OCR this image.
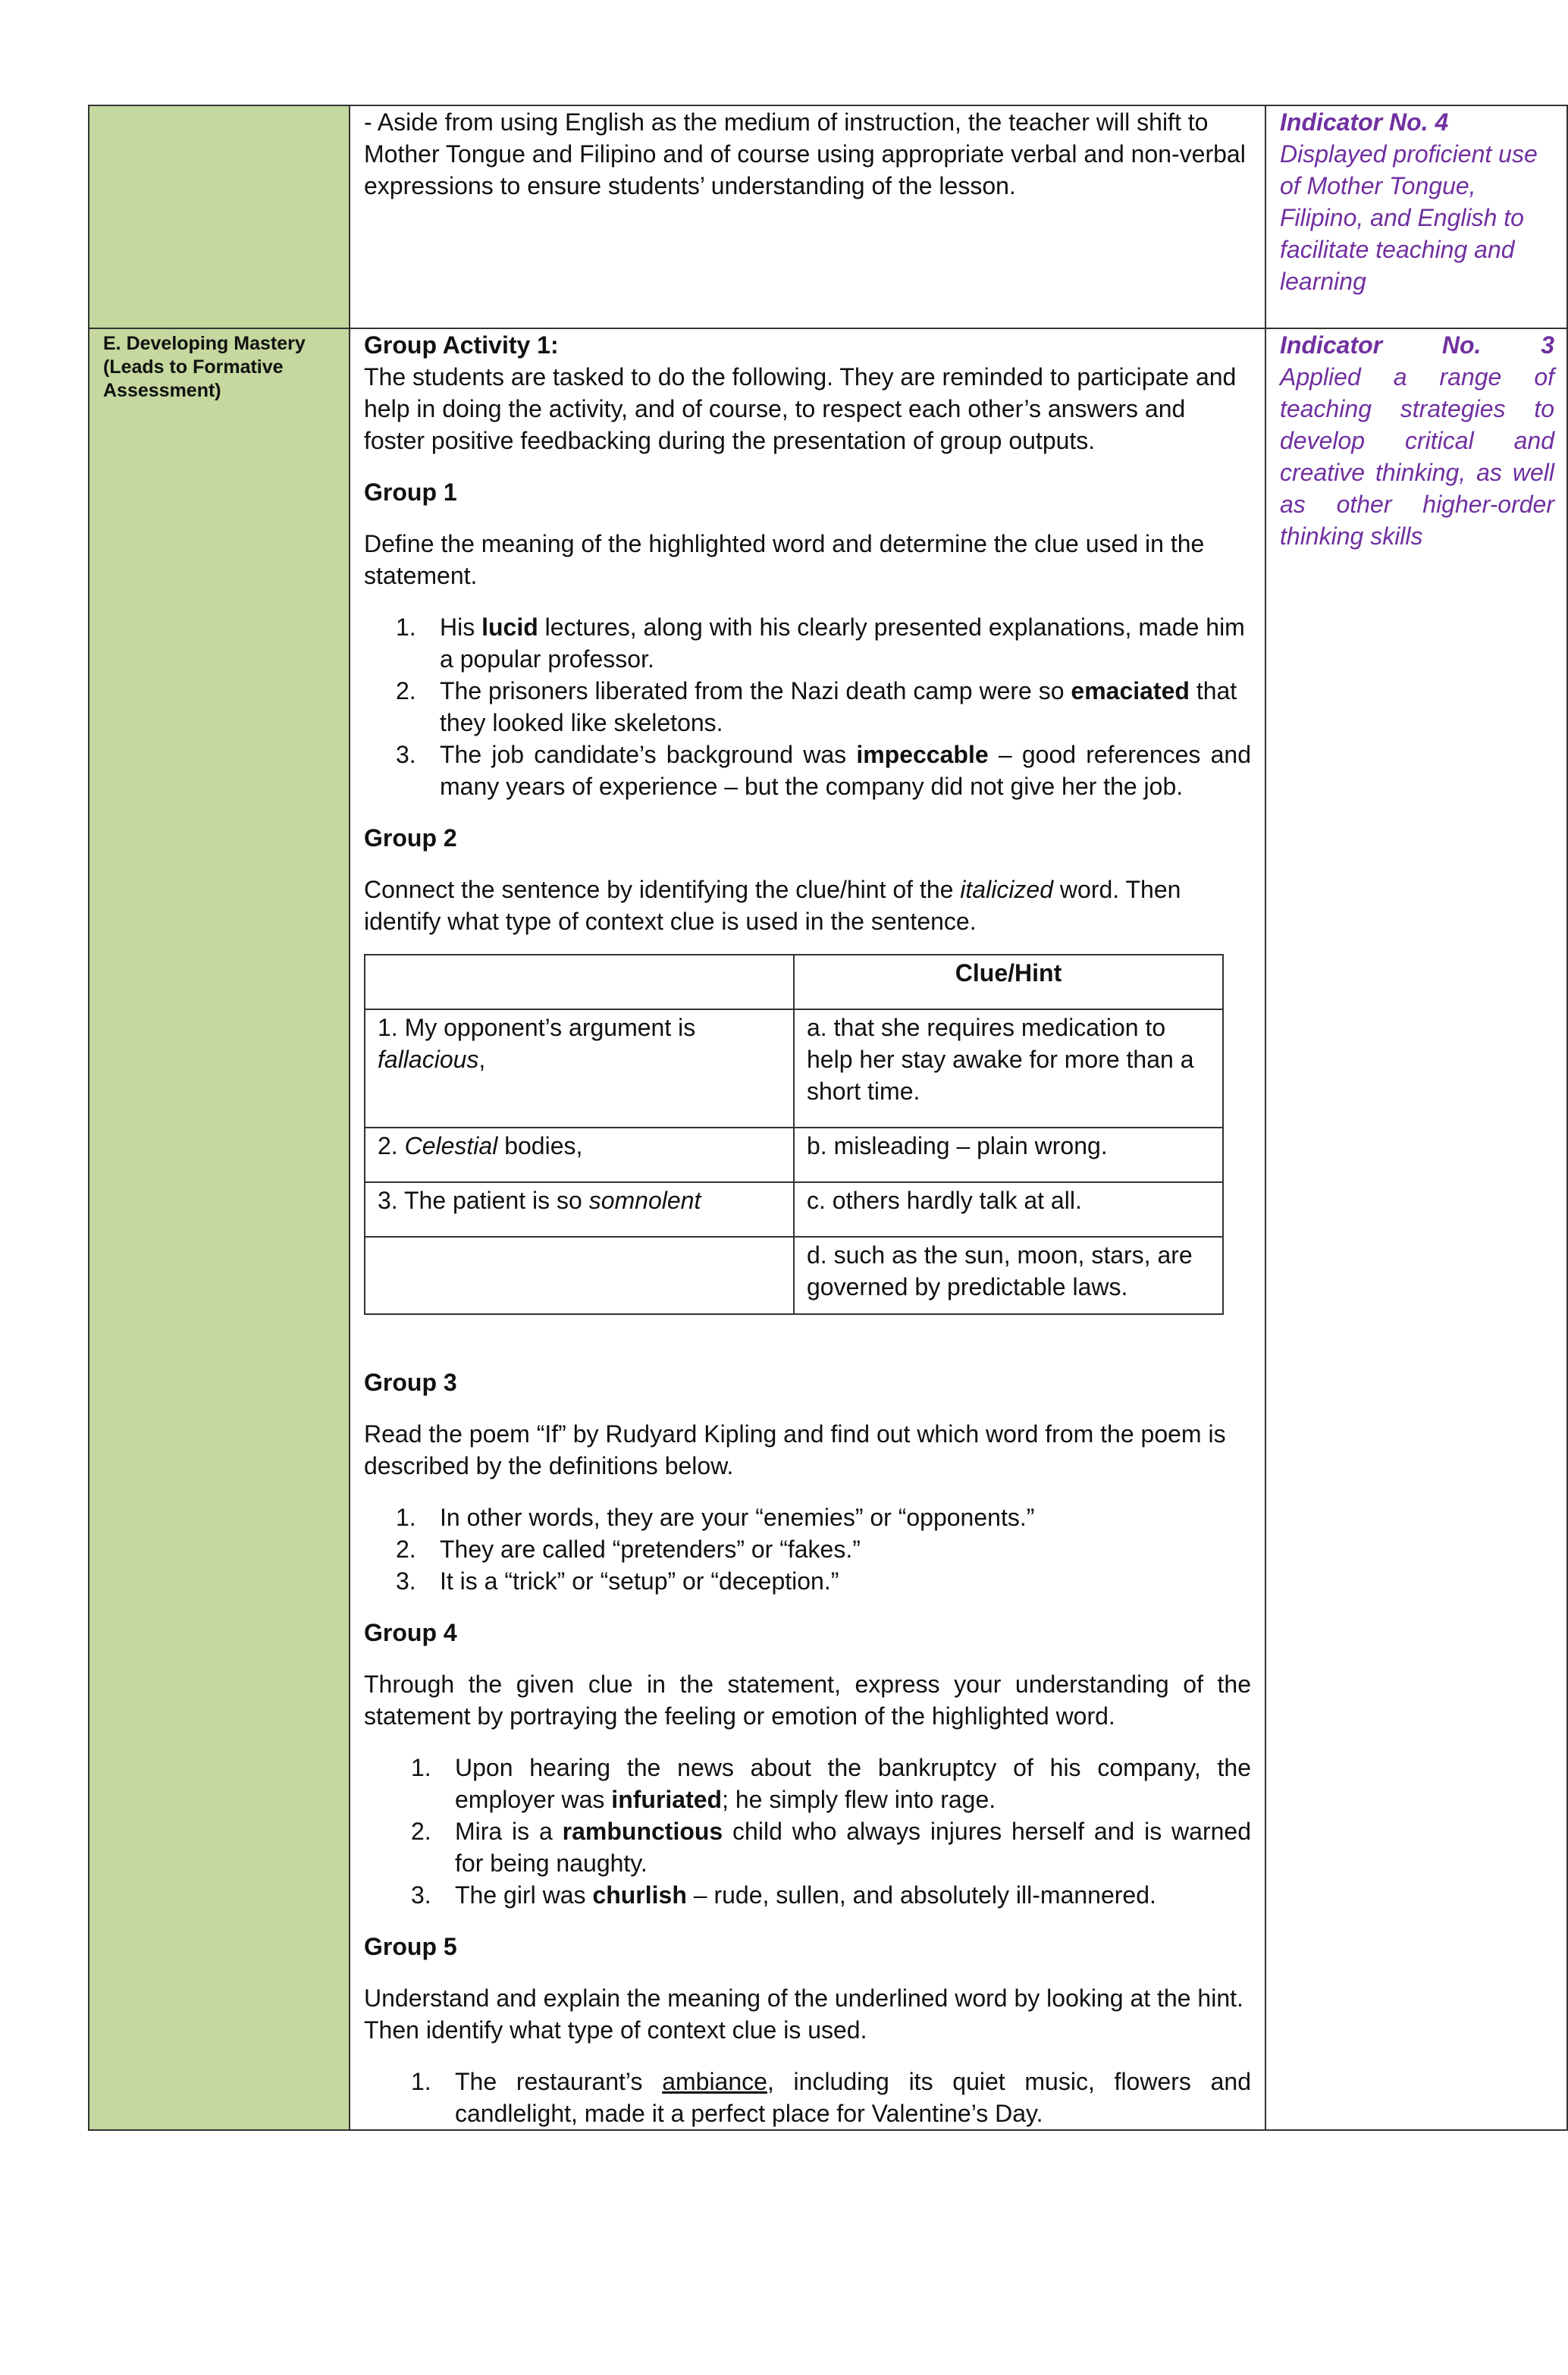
- Aside from using English as the medium of instruction, the teacher will shift to Mother Tongue and Filipino and of course using appropriate verbal and non-verbal expressions to ensure students’ understanding of the lesson.

Indicator No. 4
Displayed proficient use of Mother Tongue, Filipino, and English to facilitate teaching and learning

E. Developing Mastery (Leads to Formative Assessment)

Group Activity 1:

The students are tasked to do the following. They are reminded to participate and help in doing the activity, and of course, to respect each other’s answers and foster positive feedbacking during the presentation of group outputs.

Group 1

Define the meaning of the highlighted word and determine the clue used in the statement.

1. His lucid lectures, along with his clearly presented explanations, made him a popular professor.
2. The prisoners liberated from the Nazi death camp were so emaciated that they looked like skeletons.
3. The job candidate’s background was impeccable – good references and many years of experience – but the company did not give her the job.
Group 2

Connect the sentence by identifying the clue/hint of the italicized word. Then identify what type of context clue is used in the sentence.

	Clue/Hint
1. My opponent’s argument is fallacious,	a. that she requires medication to help her stay awake for more than a short time.
2. Celestial bodies,	b. misleading – plain wrong.
3. The patient is so somnolent	c. others hardly talk at all.
	d. such as the sun, moon, stars, are governed by predictable laws.
Group 3

Read the poem “If” by Rudyard Kipling and find out which word from the poem is described by the definitions below.

1. In other words, they are your “enemies” or “opponents.”
2. They are called “pretenders” or “fakes.”
3. It is a “trick” or “setup” or “deception.”
Group 4

Through the given clue in the statement, express your understanding of the statement by portraying the feeling or emotion of the highlighted word.

1. Upon hearing the news about the bankruptcy of his company, the employer was infuriated; he simply flew into rage.
2. Mira is a rambunctious child who always injures herself and is warned for being naughty.
3. The girl was churlish – rude, sullen, and absolutely ill-mannered.
Group 5

Understand and explain the meaning of the underlined word by looking at the hint. Then identify what type of context clue is used.

1. The restaurant’s ambiance, including its quiet music, flowers and candlelight, made it a perfect place for Valentine’s Day.

Indicator No. 3
Applied a range of teaching strategies to develop critical and creative thinking, as well as other higher-order thinking skills
